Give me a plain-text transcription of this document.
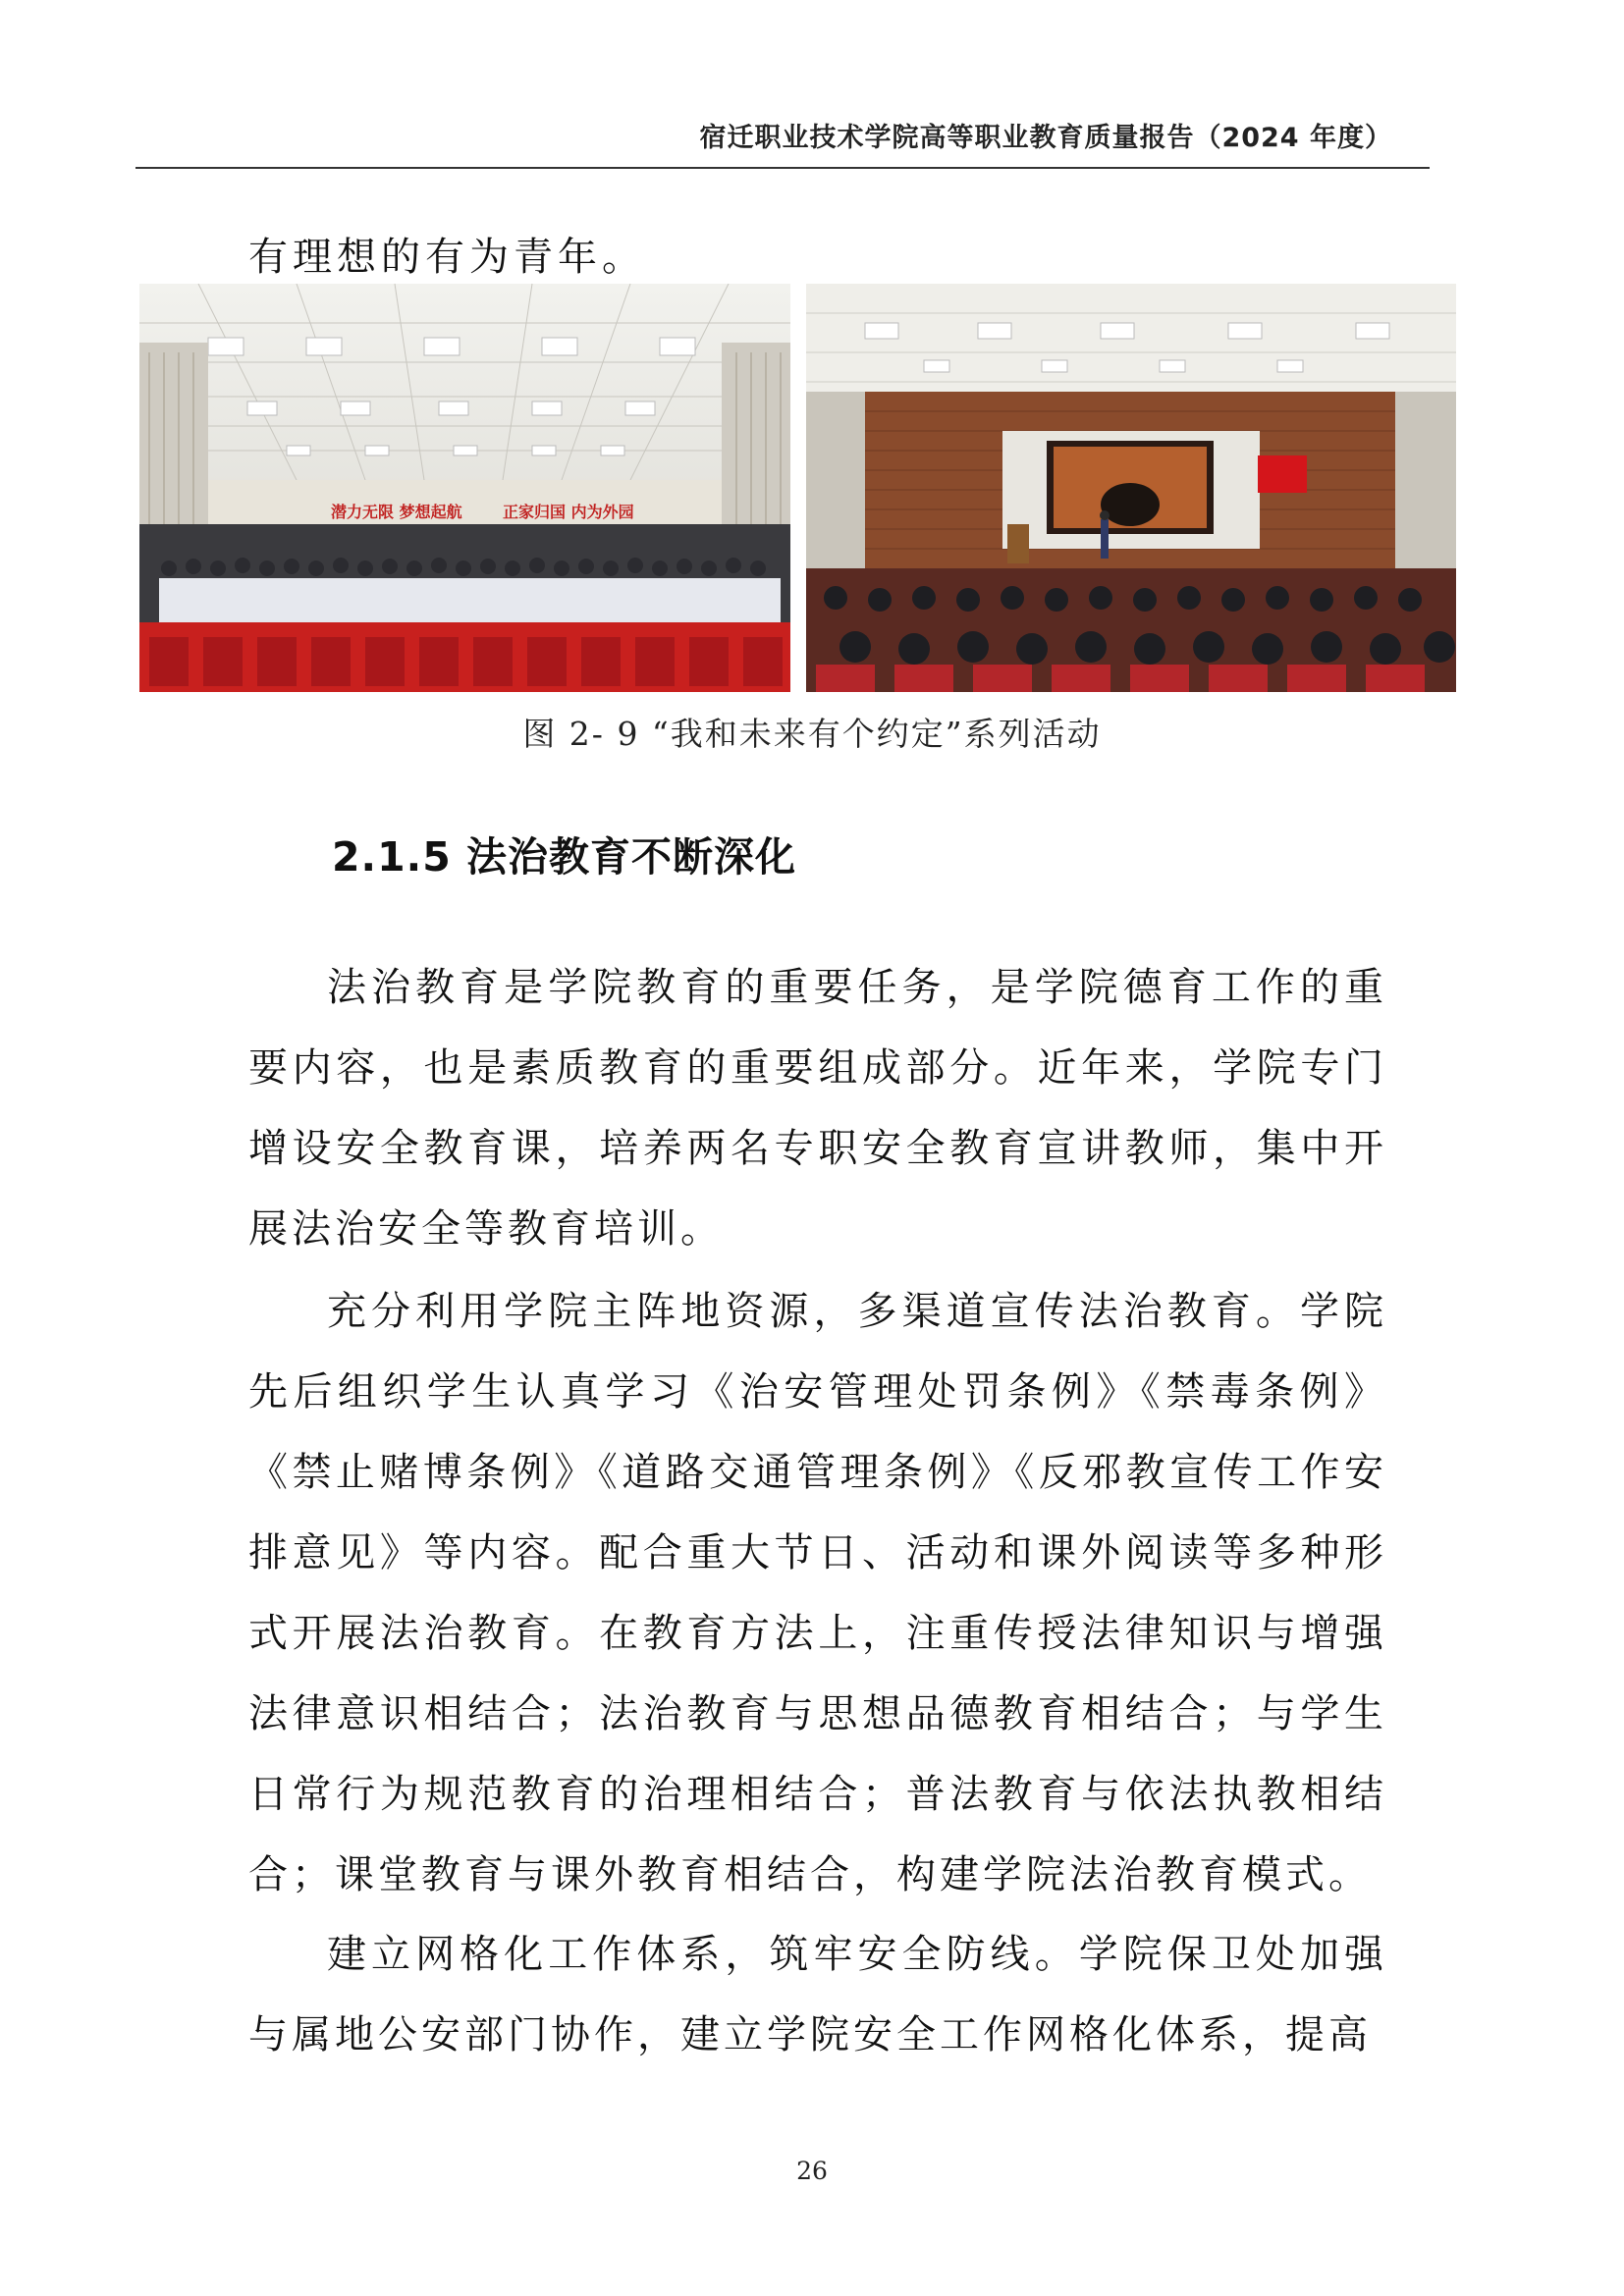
宿迁职业技术学院高等职业教育质量报告（2024 年度）
有理想的有为青年。
潜力无限 梦想起航	正家归国 内为外园
图 2- 9 “我和未来有个约定”系列活动
2.1.5 法治教育不断深化

法治教育是学院教育的重要任务，是学院德育工作的重要内容，也是素质教育的重要组成部分。近年来，学院专门增设安全教育课，培养两名专职安全教育宣讲教师，集中开展法治安全等教育培训。

充分利用学院主阵地资源，多渠道宣传法治教育。学院先后组织学生认真学习《治安管理处罚条例》《禁毒条例》《禁止赌博条例》《道路交通管理条例》《反邪教宣传工作安排意见》等内容。配合重大节日、活动和课外阅读等多种形式开展法治教育。在教育方法上，注重传授法律知识与增强法律意识相结合；法治教育与思想品德教育相结合；与学生日常行为规范教育的治理相结合；普法教育与依法执教相结合；课堂教育与课外教育相结合，构建学院法治教育模式。

建立网格化工作体系，筑牢安全防线。学院保卫处加强与属地公安部门协作，建立学院安全工作网格化体系，提高

26
